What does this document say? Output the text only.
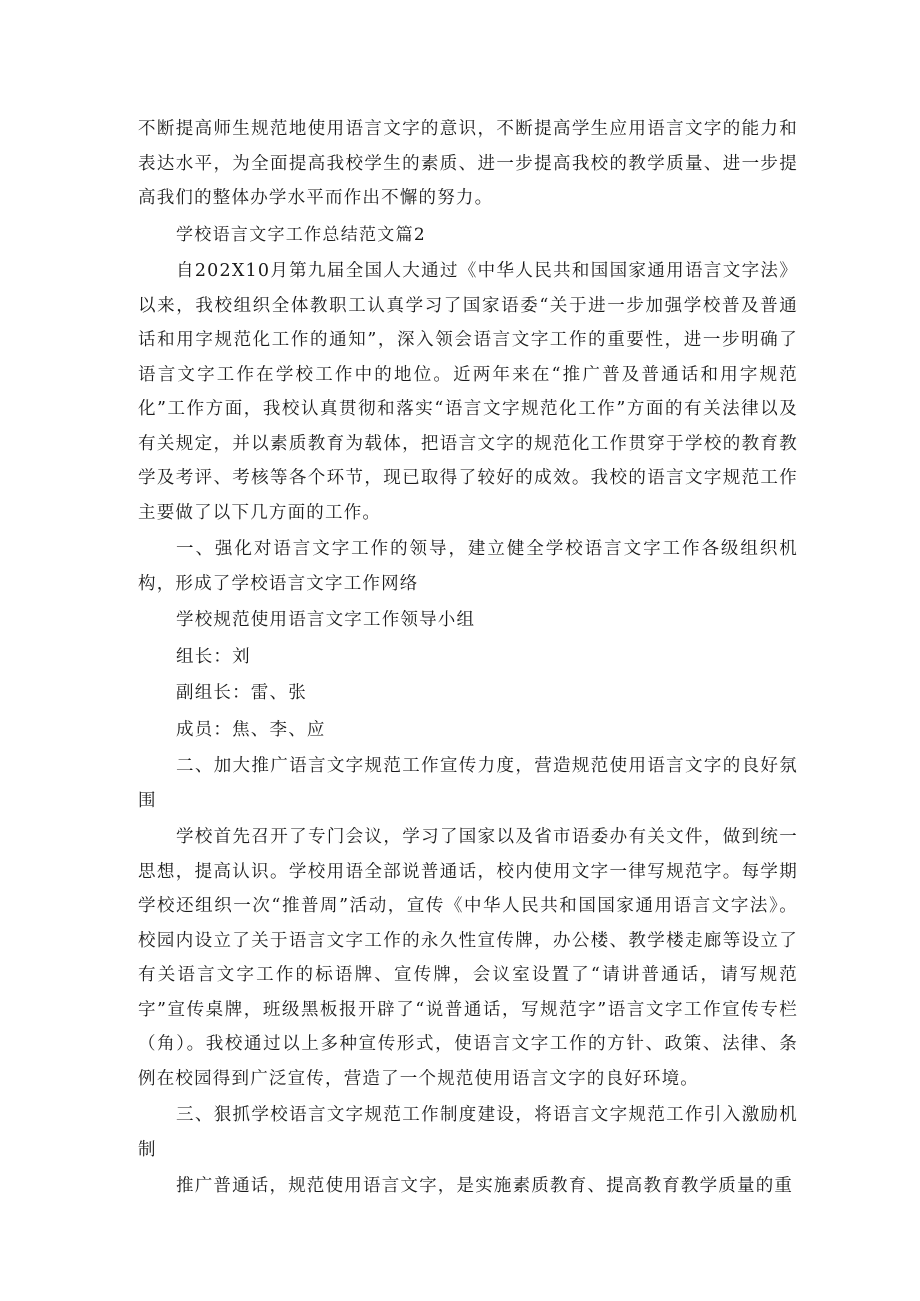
不断提高师生规范地使用语言文字的意识，不断提高学生应用语言文字的能力和表达水平，为全面提高我校学生的素质、进一步提高我校的教学质量、进一步提高我们的整体办学水平而作出不懈的努力。

学校语言文字工作总结范文篇2

自202X10月第九届全国人大通过《中华人民共和国国家通用语言文字法》以来，我校组织全体教职工认真学习了国家语委“关于进一步加强学校普及普通话和用字规范化工作的通知”，深入领会语言文字工作的重要性，进一步明确了语言文字工作在学校工作中的地位。近两年来在“推广普及普通话和用字规范化”工作方面，我校认真贯彻和落实“语言文字规范化工作”方面的有关法律以及有关规定，并以素质教育为载体，把语言文字的规范化工作贯穿于学校的教育教学及考评、考核等各个环节，现已取得了较好的成效。我校的语言文字规范工作主要做了以下几方面的工作。

一、强化对语言文字工作的领导，建立健全学校语言文字工作各级组织机构，形成了学校语言文字工作网络

学校规范使用语言文字工作领导小组

组长：刘

副组长：雷、张

成员：焦、李、应

二、加大推广语言文字规范工作宣传力度，营造规范使用语言文字的良好氛围

学校首先召开了专门会议，学习了国家以及省市语委办有关文件，做到统一思想，提高认识。学校用语全部说普通话，校内使用文字一律写规范字。每学期学校还组织一次“推普周”活动，宣传《中华人民共和国国家通用语言文字法》。校园内设立了关于语言文字工作的永久性宣传牌，办公楼、教学楼走廊等设立了有关语言文字工作的标语牌、宣传牌，会议室设置了“请讲普通话，请写规范字”宣传桌牌，班级黑板报开辟了“说普通话，写规范字”语言文字工作宣传专栏（角）。我校通过以上多种宣传形式，使语言文字工作的方针、政策、法律、条例在校园得到广泛宣传，营造了一个规范使用语言文字的良好环境。

三、狠抓学校语言文字规范工作制度建设，将语言文字规范工作引入激励机制

推广普通话，规范使用语言文字，是实施素质教育、提高教育教学质量的重
